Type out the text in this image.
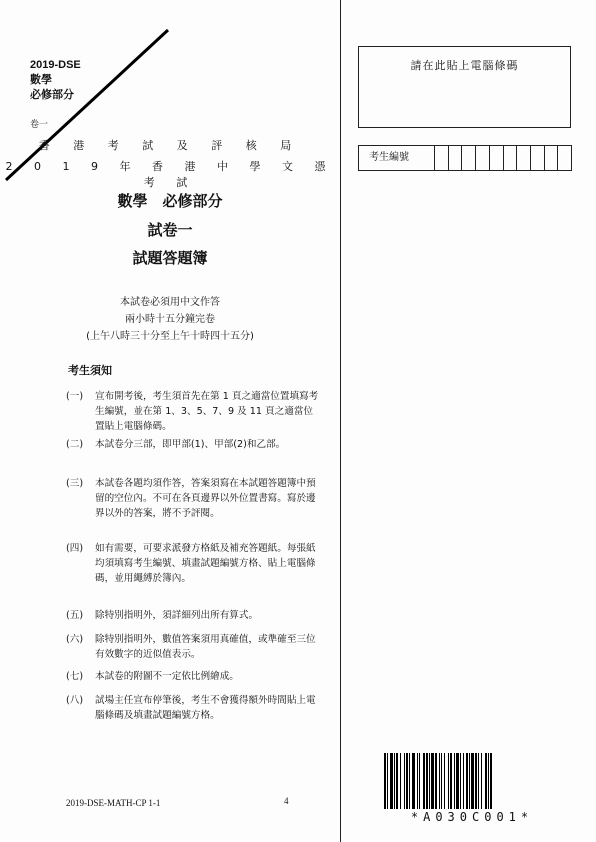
2019-DSE
數學
必修部分
卷一
香 港 考 試 及 評 核 局
2 0 1 9 年 香 港 中 學 文 憑 考 試
數學　必修部分
試卷一
試題答題簿
本試卷必須用中文作答
兩小時十五分鐘完卷
(上午八時三十分至上午十時四十五分)
考生須知
(一)	宣布開考後，考生須首先在第 1 頁之適當位置填寫考生編號，並在第 1、3、5、7、9 及 11 頁之適當位置貼上電腦條碼。
(二)	本試卷分三部，即甲部(1)、甲部(2)和乙部。
(三)	本試卷各題均須作答，答案須寫在本試題答題簿中預留的空位內。不可在各頁邊界以外位置書寫。寫於邊界以外的答案，將不予評閱。
(四)	如有需要，可要求派發方格紙及補充答題紙。每張紙均須填寫考生編號、填畫試題編號方格、貼上電腦條碼，並用繩縛於簿內。
(五)	除特別指明外，須詳細列出所有算式。
(六)	除特別指明外，數值答案須用真確值，或準確至三位有效數字的近似值表示。
(七)	本試卷的附圖不一定依比例繪成。
(八)	試場主任宣布停筆後，考生不會獲得額外時間貼上電腦條碼及填畫試題編號方格。
請在此貼上電腦條碼
考生編號
2019-DSE-MATH-CP 1-1	4
*A030C001*
